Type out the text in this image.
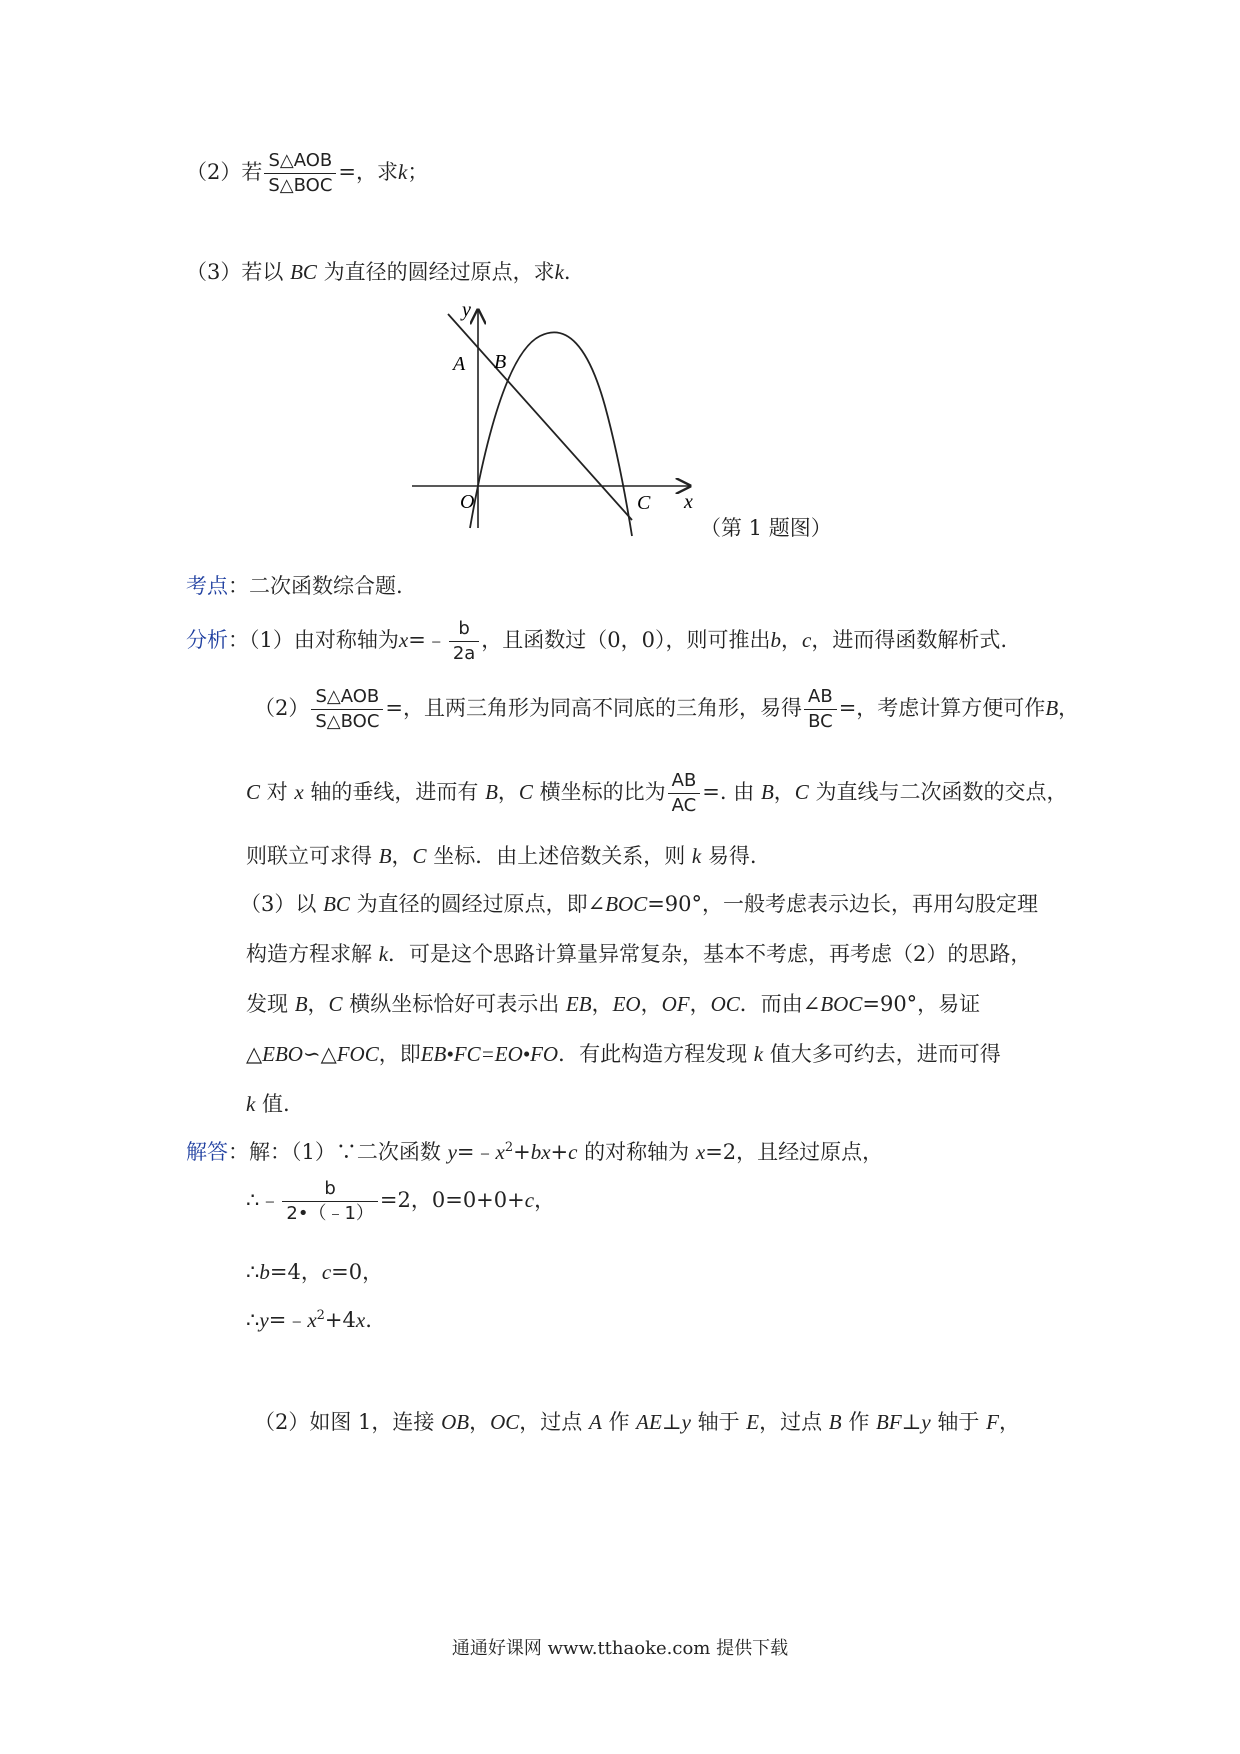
（2）若 $\frac{\text{S△AOB}}{\text{S△BOC}}$ =，求k；
（3）若以 BC 为直径的圆经过原点，求k.
y
x
A B
O	C
（第 1 题图）
考点：二次函数综合题.
分析：（1）由对称轴为x=﹣ $\frac{b}{2a}$ ，且函数过（0，0），则可推出b，c，进而得函数解析式.
$(2) \frac{\text{S△AOB}}{\text{S△BOC}}$ =，且两三角形为同高不同底的三角形，易得 $\frac{AB}{BC}$ =，考虑计算方便可作B，
C 对 x 轴的垂线，进而有 B，C 横坐标的比为 $\frac{AB}{AC}$ =. 由 B，C 为直线与二次函数的交点，
则联立可求得 B，C 坐标．由上述倍数关系，则 k 易得.
（3）以 BC 为直径的圆经过原点，即∠BOC=90°，一般考虑表示边长，再用勾股定理
构造方程求解 k．可是这个思路计算量异常复杂，基本不考虑，再考虑（2）的思路，
发现 B，C 横纵坐标恰好可表示出 EB，EO，OF，OC．而由∠BOC=90°，易证
△EBO∽△FOC，即EB•FC=EO•FO．有此构造方程发现 k 值大多可约去，进而可得
k 值.
解答：解：（1）∵二次函数 $y=﹣x^2+bx+c$ 的对称轴为 x=2，且经过原点，
∴﹣ $\frac{b}{2•(﹣1)} =2$，0=0+0+c，
∴b=4，c=0，
$\therefore y=﹣x^2+4x$.
（2）如图 1，连接 OB，OC，过点 A 作 AE⊥y 轴于 E，过点 B 作 BF⊥y 轴于 F，
通通好课网 www.tthaoke.com 提供下载
